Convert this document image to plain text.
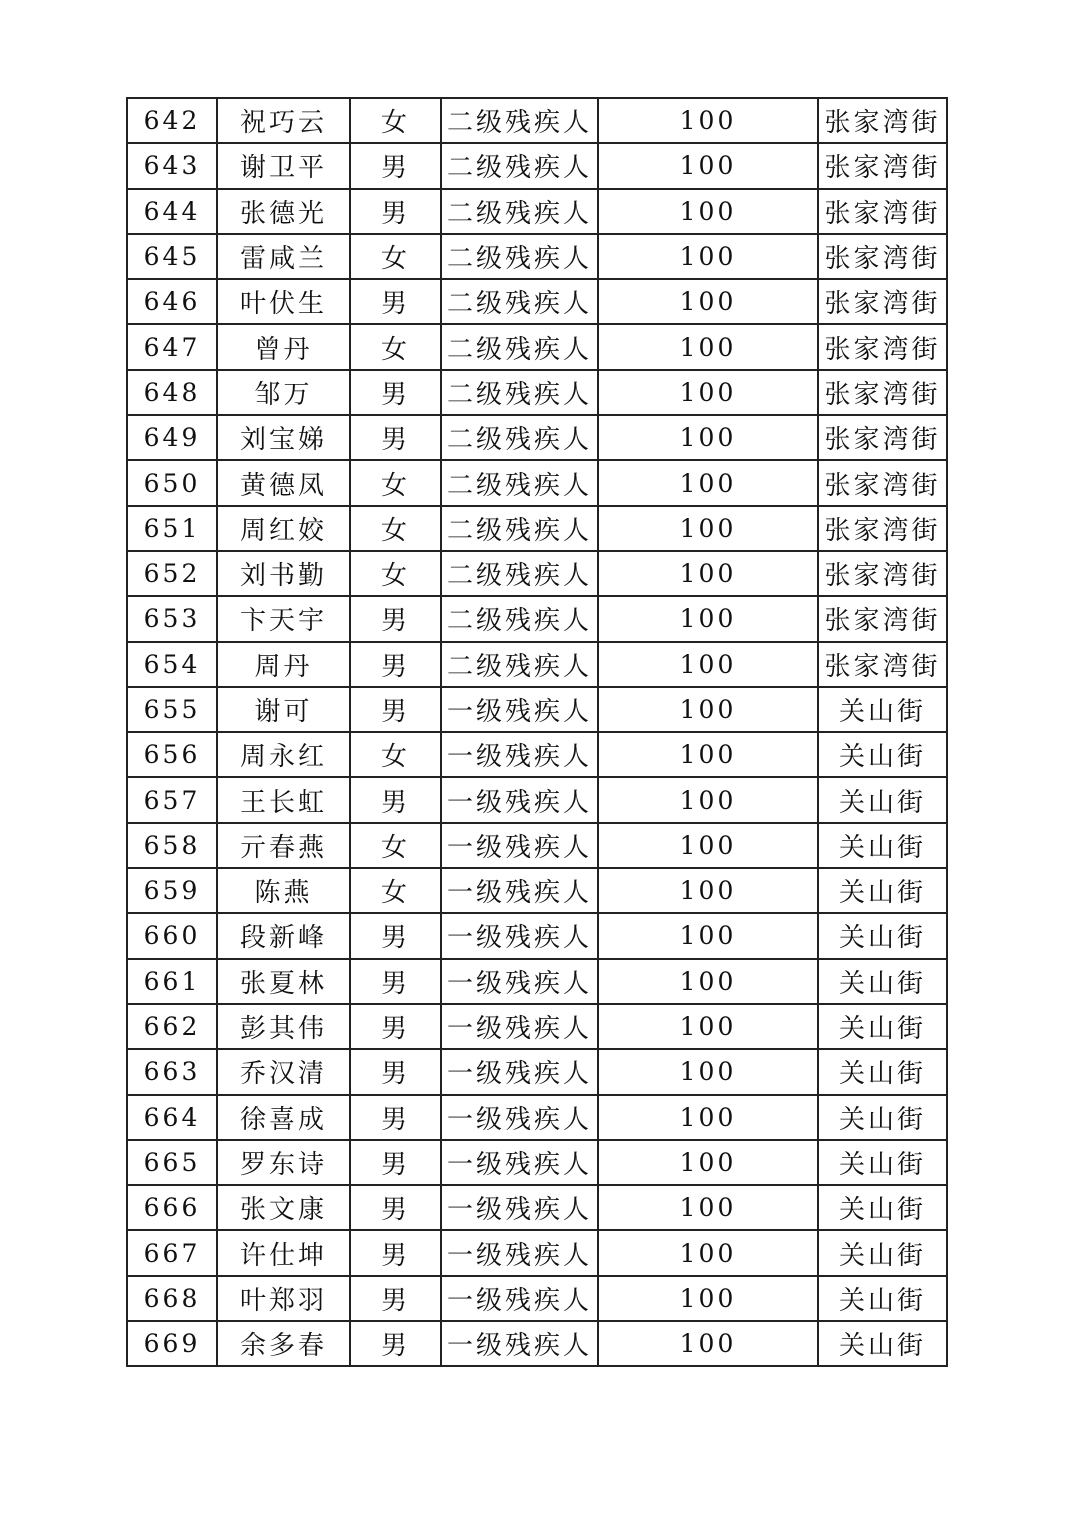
642	祝巧云	女	二级残疾人	100	张家湾街
643	谢卫平	男	二级残疾人	100	张家湾街
644	张德光	男	二级残疾人	100	张家湾街
645	雷咸兰	女	二级残疾人	100	张家湾街
646	叶伏生	男	二级残疾人	100	张家湾街
647	曾丹	女	二级残疾人	100	张家湾街
648	邹万	男	二级残疾人	100	张家湾街
649	刘宝娣	男	二级残疾人	100	张家湾街
650	黄德凤	女	二级残疾人	100	张家湾街
651	周红姣	女	二级残疾人	100	张家湾街
652	刘书勤	女	二级残疾人	100	张家湾街
653	卞天宇	男	二级残疾人	100	张家湾街
654	周丹	男	二级残疾人	100	张家湾街
655	谢可	男	一级残疾人	100	关山街
656	周永红	女	一级残疾人	100	关山街
657	王长虹	男	一级残疾人	100	关山街
658	亓春燕	女	一级残疾人	100	关山街
659	陈燕	女	一级残疾人	100	关山街
660	段新峰	男	一级残疾人	100	关山街
661	张夏林	男	一级残疾人	100	关山街
662	彭其伟	男	一级残疾人	100	关山街
663	乔汉清	男	一级残疾人	100	关山街
664	徐喜成	男	一级残疾人	100	关山街
665	罗东诗	男	一级残疾人	100	关山街
666	张文康	男	一级残疾人	100	关山街
667	许仕坤	男	一级残疾人	100	关山街
668	叶郑羽	男	一级残疾人	100	关山街
669	余多春	男	一级残疾人	100	关山街
